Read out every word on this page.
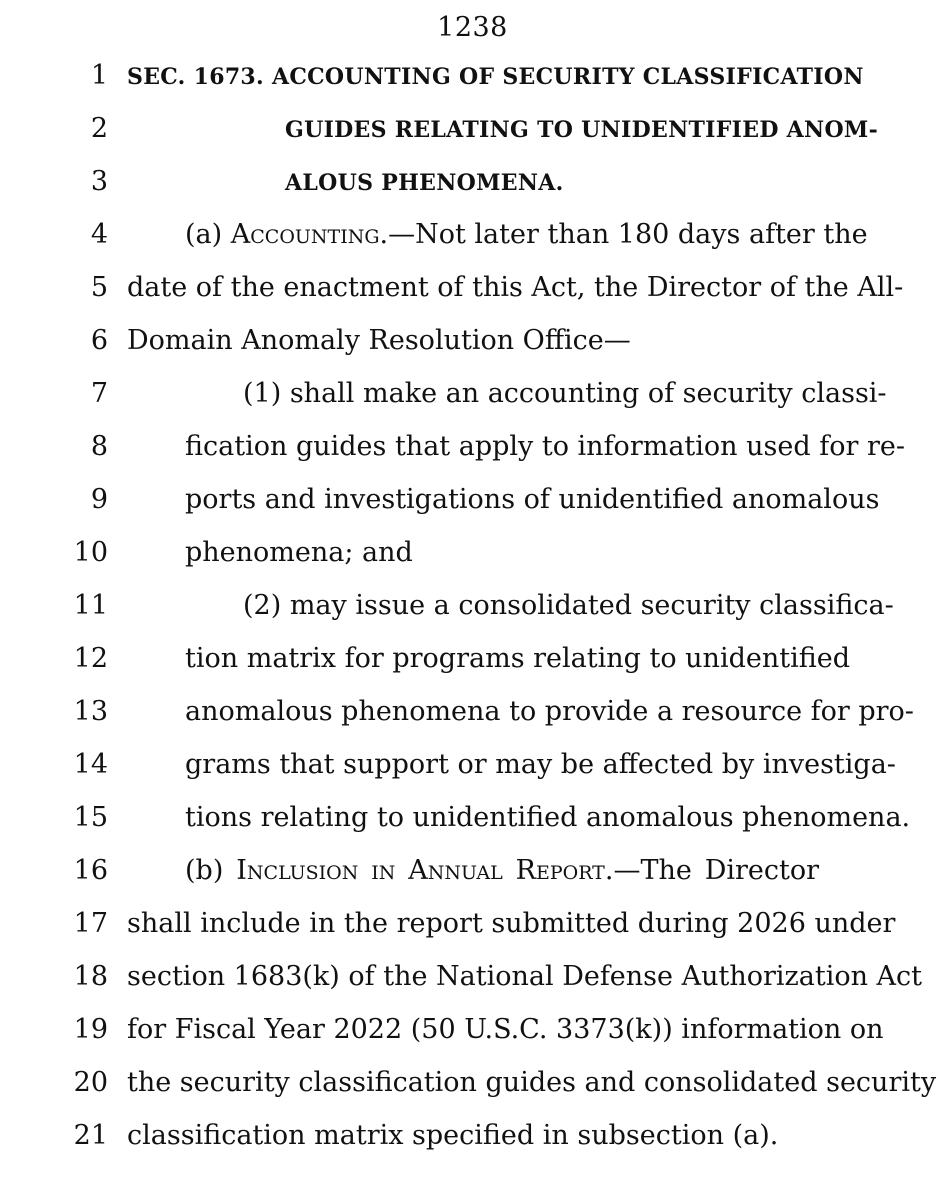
1238
1 SEC. 1673. ACCOUNTING OF SECURITY CLASSIFICATION
2	GUIDES RELATING TO UNIDENTIFIED ANOM-
3	ALOUS PHENOMENA.
4	(a) Accounting.—Not later than 180 days after the
5 date of the enactment of this Act, the Director of the All-
6 Domain Anomaly Resolution Office—
7	(1) shall make an accounting of security classi-
8	fication guides that apply to information used for re-
9	ports and investigations of unidentified anomalous
10	phenomena; and
11	(2) may issue a consolidated security classifica-
12	tion matrix for programs relating to unidentified
13	anomalous phenomena to provide a resource for pro-
14	grams that support or may be affected by investiga-
15	tions relating to unidentified anomalous phenomena.
16	(b) Inclusion in Annual Report.—The Director
17 shall include in the report submitted during 2026 under
18 section 1683(k) of the National Defense Authorization Act
19 for Fiscal Year 2022 (50 U.S.C. 3373(k)) information on
20 the security classification guides and consolidated security
21 classification matrix specified in subsection (a).
